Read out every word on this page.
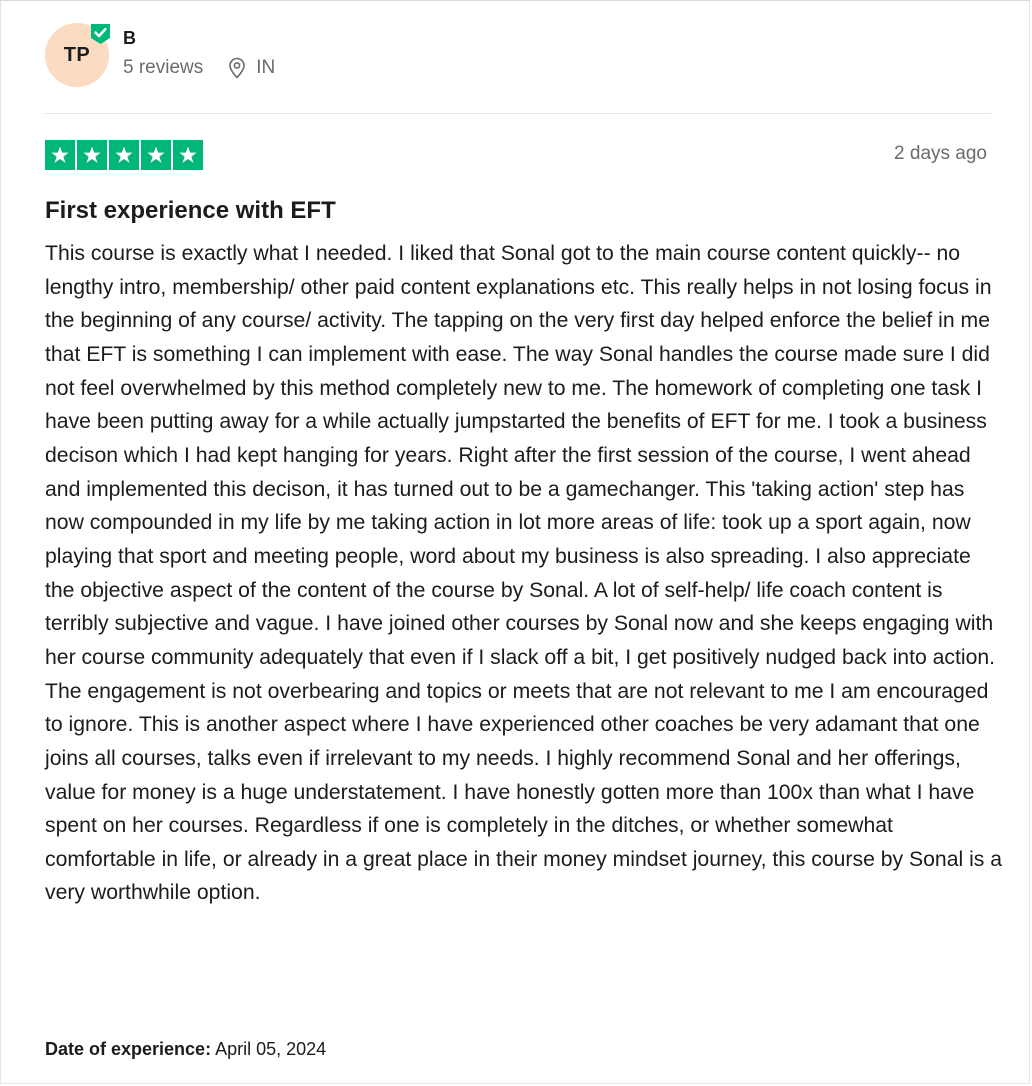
TP
B
5 reviews	IN
2 days ago
First experience with EFT

This course is exactly what I needed. I liked that Sonal got to the main course content quickly-- no lengthy intro, membership/ other paid content explanations etc. This really helps in not losing focus in the beginning of any course/ activity. The tapping on the very first day helped enforce the belief in me that EFT is something I can implement with ease. The way Sonal handles the course made sure I did not feel overwhelmed by this method completely new to me. The homework of completing one task I have been putting away for a while actually jumpstarted the benefits of EFT for me. I took a business decison which I had kept hanging for years. Right after the first session of the course, I went ahead and implemented this decison, it has turned out to be a gamechanger. This 'taking action' step has now compounded in my life by me taking action in lot more areas of life: took up a sport again, now playing that sport and meeting people, word about my business is also spreading. I also appreciate the objective aspect of the content of the course by Sonal. A lot of self-help/ life coach content is terribly subjective and vague. I have joined other courses by Sonal now and she keeps engaging with her course community adequately that even if I slack off a bit, I get positively nudged back into action. The engagement is not overbearing and topics or meets that are not relevant to me I am encouraged to ignore. This is another aspect where I have experienced other coaches be very adamant that one joins all courses, talks even if irrelevant to my needs. I highly recommend Sonal and her offerings, value for money is a huge understatement. I have honestly gotten more than 100x than what I have spent on her courses. Regardless if one is completely in the ditches, or whether somewhat comfortable in life, or already in a great place in their money mindset journey, this course by Sonal is a very worthwhile option.

Date of experience: April 05, 2024
